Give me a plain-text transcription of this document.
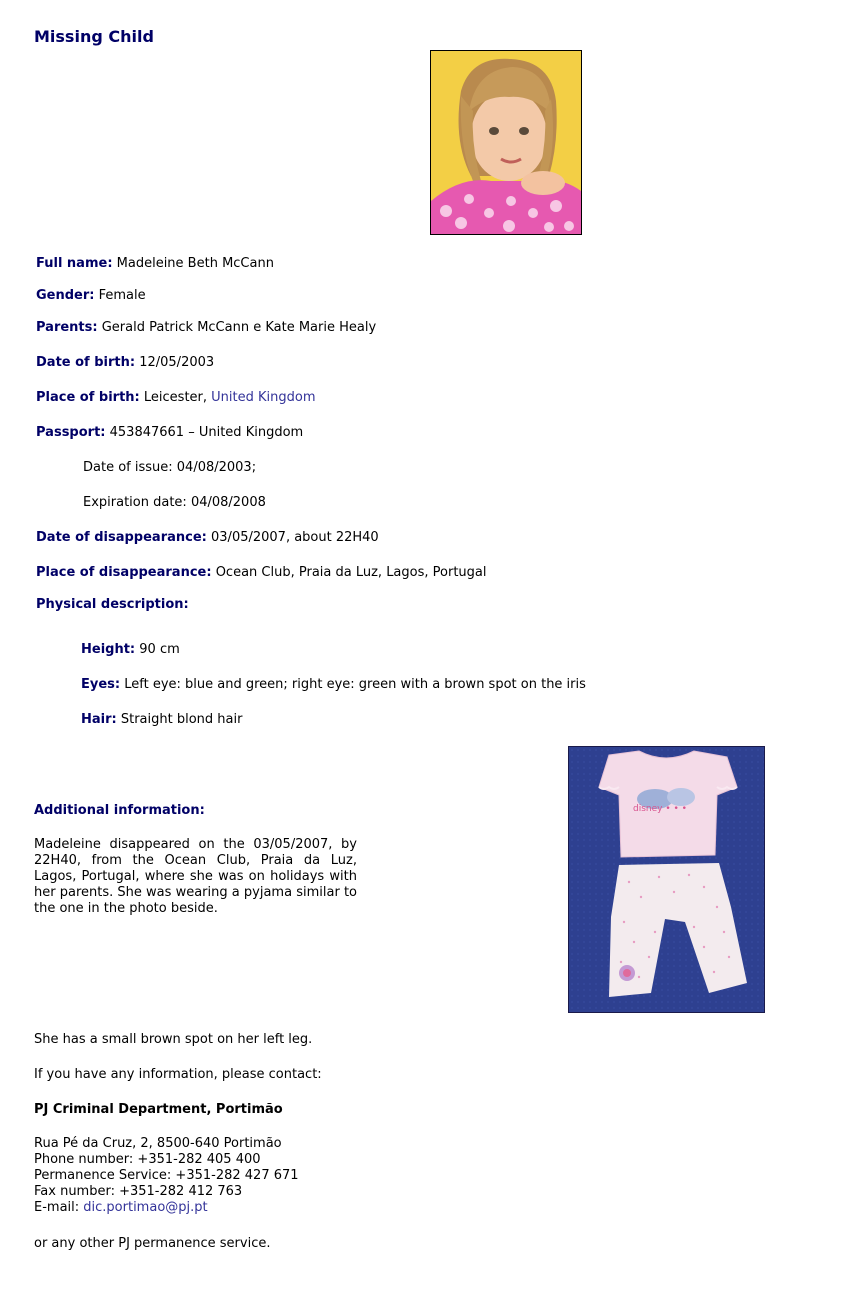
Missing Child
Full name: Madeleine Beth McCann
Gender: Female
Parents: Gerald Patrick McCann e Kate Marie Healy
Date of birth: 12/05/2003
Place of birth: Leicester, United Kingdom
Passport: 453847661 – United Kingdom
Date of issue: 04/08/2003;
Expiration date: 04/08/2008
Date of disappearance: 03/05/2007, about 22H40
Place of disappearance: Ocean Club, Praia da Luz, Lagos, Portugal
Physical description:
Height: 90 cm
Eyes: Left eye: blue and green; right eye: green with a brown spot on the iris
Hair: Straight blond hair
disney • • •
Additional information:
Madeleine disappeared on the 03/05/2007, by 22H40, from the Ocean Club, Praia da Luz, Lagos, Portugal, where she was on holidays with her parents. She was wearing a pyjama similar to the one in the photo beside.
She has a small brown spot on her left leg.
If you have any information, please contact:
PJ Criminal Department, Portimão
Rua Pé da Cruz, 2, 8500-640 Portimão
Phone number: +351-282 405 400
Permanence Service: +351-282 427 671
Fax number: +351-282 412 763
E-mail: dic.portimao@pj.pt
or any other PJ permanence service.
